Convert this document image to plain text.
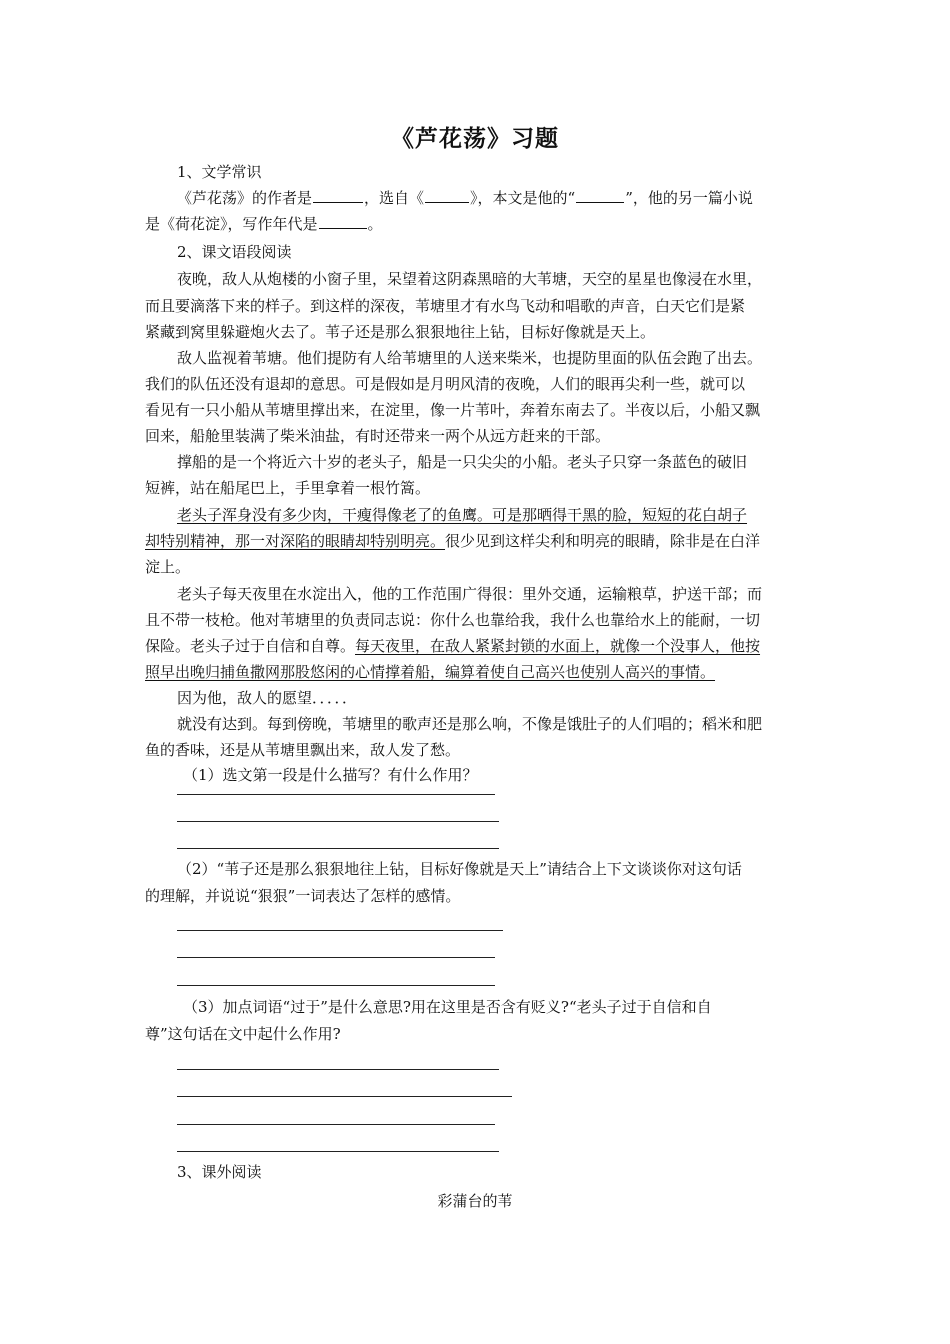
《芦花荡》习题
1、文学常识
《芦花荡》的作者是	，选自《	》，本文是他的“	”，他的另一篇小说
是《荷花淀》，写作年代是	。
2、课文语段阅读
夜晚，敌人从炮楼的小窗子里，呆望着这阴森黑暗的大苇塘，天空的星星也像浸在水里，
而且要滴落下来的样子。到这样的深夜，苇塘里才有水鸟飞动和唱歌的声音，白天它们是紧
紧藏到窝里躲避炮火去了。苇子还是那么狠狠地往上钻，目标好像就是天上。
敌人监视着苇塘。他们提防有人给苇塘里的人送来柴米，也提防里面的队伍会跑了出去。
我们的队伍还没有退却的意思。可是假如是月明风清的夜晚，人们的眼再尖利一些，就可以
看见有一只小船从苇塘里撑出来，在淀里，像一片苇叶，奔着东南去了。半夜以后，小船又飘
回来，船舱里装满了柴米油盐，有时还带来一两个从远方赶来的干部。
撑船的是一个将近六十岁的老头子，船是一只尖尖的小船。老头子只穿一条蓝色的破旧
短裤，站在船尾巴上，手里拿着一根竹篙。
老头子浑身没有多少肉，干瘦得像老了的鱼鹰。可是那晒得干黑的脸，短短的花白胡子
却特别精神，那一对深陷的眼睛却特别明亮。很少见到这样尖利和明亮的眼睛，除非是在白洋
淀上。
老头子每天夜里在水淀出入，他的工作范围广得很：里外交通，运输粮草，护送干部；而
且不带一枝枪。他对苇塘里的负责同志说：你什么也靠给我，我什么也靠给水上的能耐，一切
保险。老头子过于自信和自尊。每天夜里，在敌人紧紧封锁的水面上，就像一个没事人，他按
照早出晚归捕鱼撒网那股悠闲的心情撑着船，编算着使自己高兴也使别人高兴的事情。
因为他，敌人的愿望．．．．．
就没有达到。每到傍晚，苇塘里的歌声还是那么响，不像是饿肚子的人们唱的；稻米和肥
鱼的香味，还是从苇塘里飘出来，敌人发了愁。
（1）选文第一段是什么描写？有什么作用？
（2）“苇子还是那么狠狠地往上钻，目标好像就是天上”请结合上下文谈谈你对这句话
的理解，并说说“狠狠”一词表达了怎样的感情。
（3）加点词语“过于”是什么意思?用在这里是否含有贬义?“老头子过于自信和自
尊”这句话在文中起什么作用?
3、课外阅读
彩蒲台的苇
